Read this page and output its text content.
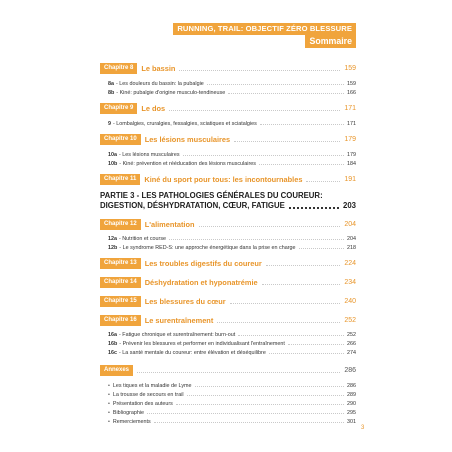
RUNNING, TRAIL: OBJECTIF ZÉRO BLESSURE
Sommaire
Chapitre 8	Le bassin	159
8a - Les douleurs du bassin: la pubalgie	159
8b - Kiné: pubalgie d'origine musculo-tendineuse	166
Chapitre 9	Le dos	171
9 - Lombalgies, cruralgies, fessalgies, sciatiques et sciatalgies	171
Chapitre 10	Les lésions musculaires	179
10a - Les lésions musculaires	179
10b - Kiné: prévention et rééducation des lésions musculaires	184
Chapitre 11	Kiné du sport pour tous: les incontournables	191
PARTIE 3 - LES PATHOLOGIES GÉNÉRALES DU COUREUR:
DIGESTION, DÉSHYDRATATION, CŒUR, FATIGUE	203
Chapitre 12	L'alimentation	204
12a - Nutrition et course	204
12b - Le syndrome RED-S: une approche énergétique dans la prise en charge	218
Chapitre 13	Les troubles digestifs du coureur	224
Chapitre 14	Déshydratation et hyponatrémie	234
Chapitre 15	Les blessures du cœur	240
Chapitre 16	Le surentraînement	252
16a - Fatigue chronique et surentraînement: burn-out	252
16b - Prévenir les blessures et performer en individualisant l'entraînement	266
16c - La santé mentale du coureur: entre élévation et déséquilibre	274
Annexes	286
• Les tiques et la maladie de Lyme	286
• La trousse de secours en trail	289
• Présentation des auteurs	290
• Bibliographie	295
• Remerciements	301
3
